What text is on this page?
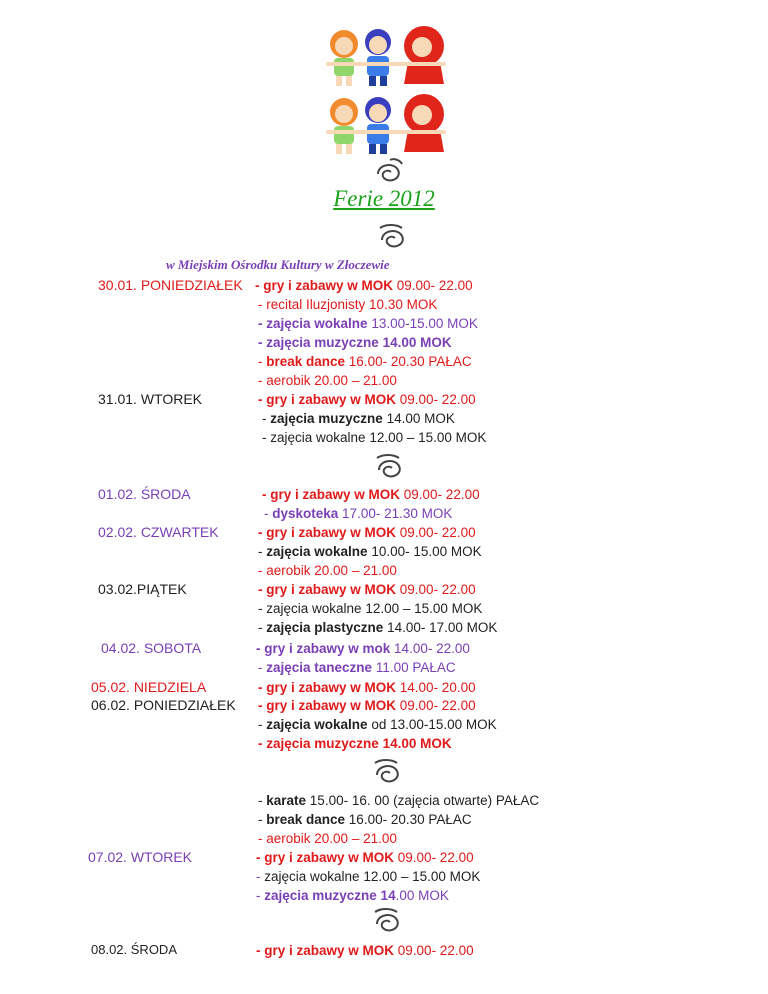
Ferie 2012
w Miejskim Ośrodku Kultury w Złoczewie
30.01. PONIEDZIAŁEK
31.01. WTOREK
01.02. ŚRODA
02.02. CZWARTEK
03.02.PIĄTEK
04.02. SOBOTA
05.02. NIEDZIELA
06.02. PONIEDZIAŁEK
07.02. WTOREK
08.02. ŚRODA
- gry i zabawy w MOK 09.00- 22.00
- recital Iluzjonisty 10.30 MOK
- zajęcia wokalne 13.00-15.00 MOK
- zajęcia muzyczne 14.00 MOK
- break dance 16.00- 20.30 PAŁAC
- aerobik 20.00 – 21.00
- gry i zabawy w MOK 09.00- 22.00
- zajęcia muzyczne 14.00 MOK
- zajęcia wokalne 12.00 – 15.00 MOK
- gry i zabawy w MOK 09.00- 22.00
- dyskoteka 17.00- 21.30 MOK
- gry i zabawy w MOK 09.00- 22.00
- zajęcia wokalne 10.00- 15.00 MOK
- aerobik 20.00 – 21.00
- gry i zabawy w MOK 09.00- 22.00
- zajęcia wokalne 12.00 – 15.00 MOK
- zajęcia plastyczne 14.00- 17.00 MOK
- gry i zabawy w mok 14.00- 22.00
- zajęcia taneczne 11.00 PAŁAC
- gry i zabawy w MOK 14.00- 20.00
- gry i zabawy w MOK 09.00- 22.00
- zajęcia wokalne od 13.00-15.00 MOK
- zajęcia muzyczne 14.00 MOK
- karate 15.00- 16. 00 (zajęcia otwarte) PAŁAC
- break dance 16.00- 20.30 PAŁAC
- aerobik 20.00 – 21.00
- gry i zabawy w MOK 09.00- 22.00
- zajęcia wokalne 12.00 – 15.00 MOK
- zajęcia muzyczne 14.00 MOK
- gry i zabawy w MOK 09.00- 22.00
